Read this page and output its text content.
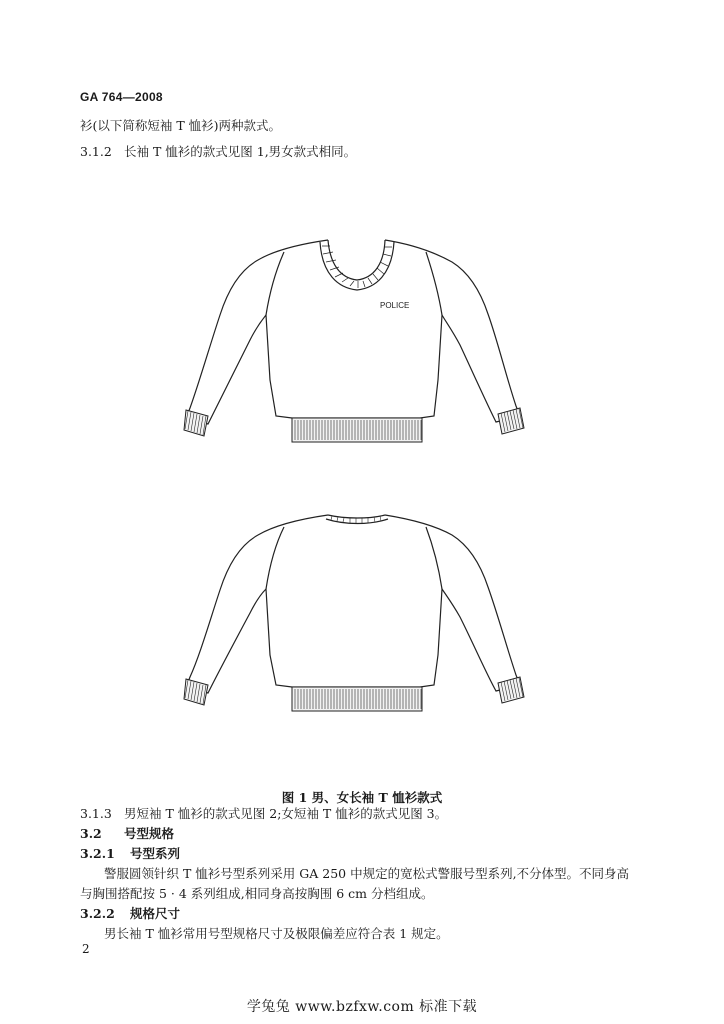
GA 764—2008
衫(以下简称短袖 T 恤衫)两种款式。
3.1.2 长袖 T 恤衫的款式见图 1,男女款式相同。
POLICE
图 1 男、女长袖 T 恤衫款式
3.1.3 男短袖 T 恤衫的款式见图 2;女短袖 T 恤衫的款式见图 3。
3.2 号型规格
3.2.1 号型系列
警服圆领针织 T 恤衫号型系列采用 GA 250 中规定的宽松式警服号型系列,不分体型。不同身高
与胸围搭配按 5 · 4 系列组成,相同身高按胸围 6 cm 分档组成。
3.2.2 规格尺寸
男长袖 T 恤衫常用号型规格尺寸及极限偏差应符合表 1 规定。
2
学兔兔 www.bzfxw.com 标准下载
